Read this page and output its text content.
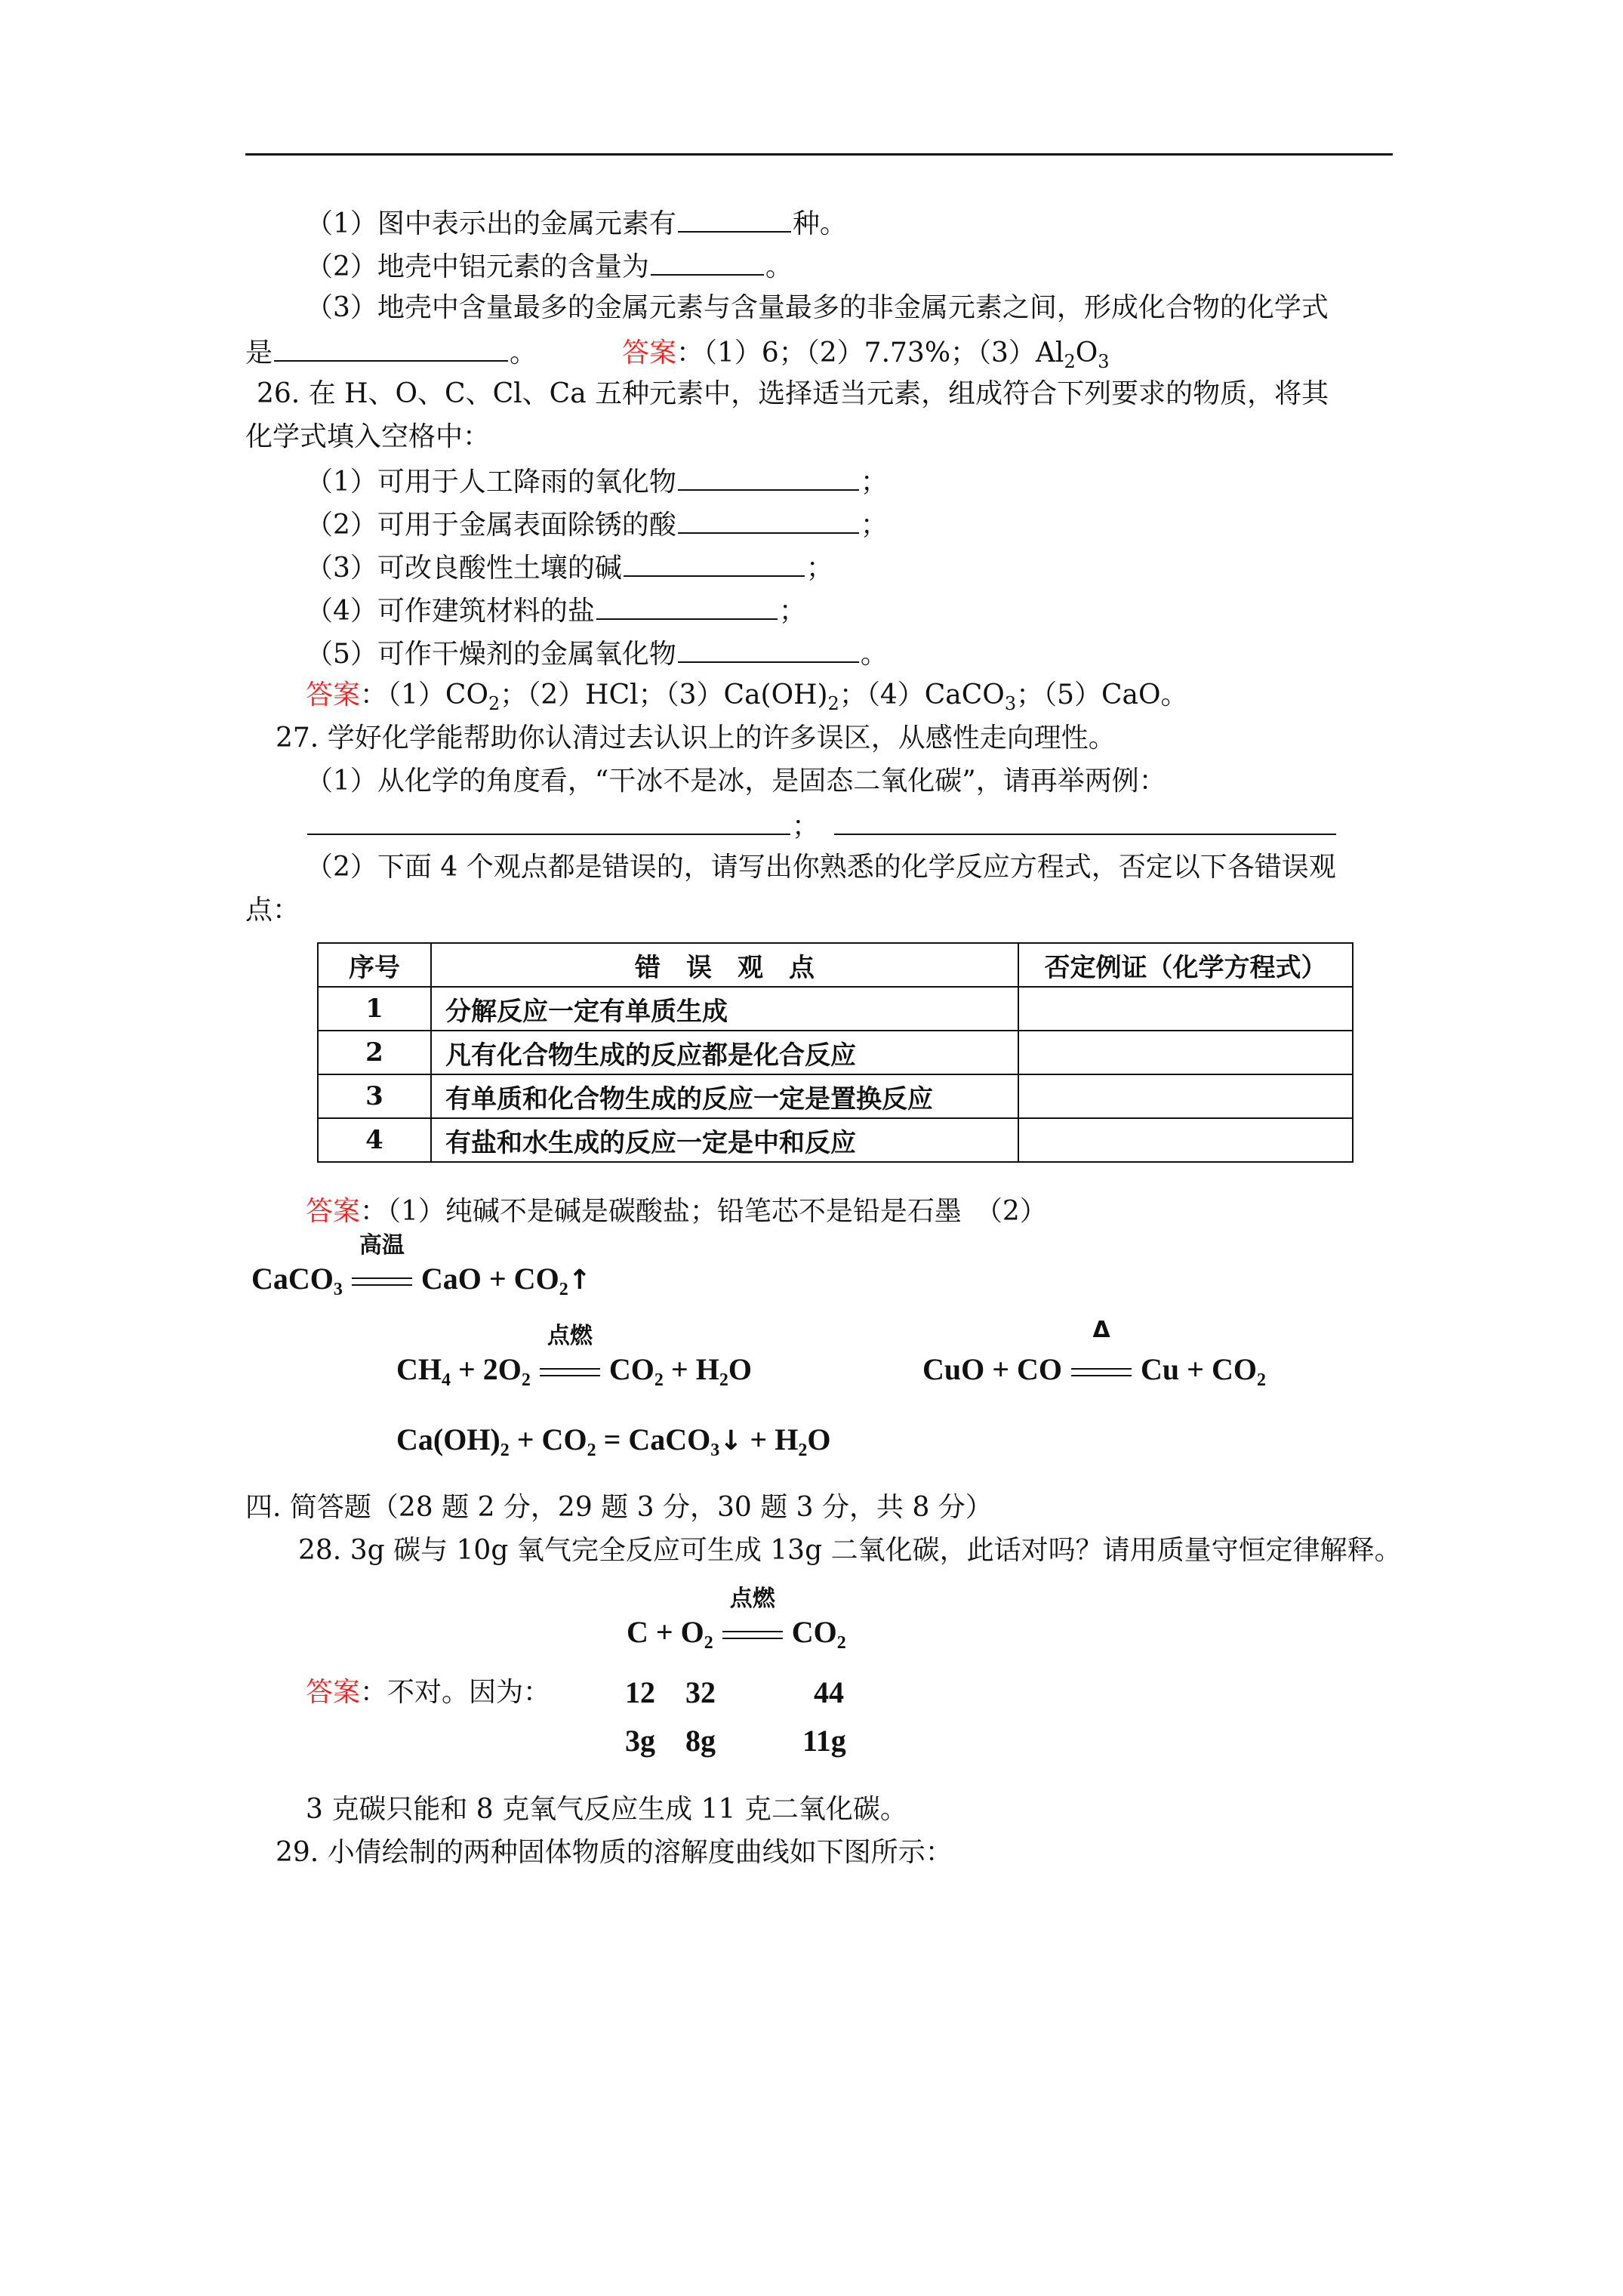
（1）图中表示出的金属元素有	种。
（2）地壳中铝元素的含量为	。
（3）地壳中含量最多的金属元素与含量最多的非金属元素之间，形成化合物的化学式
是	。	答案：（1）6；（2）7.73%；$(3)Al_2O_3$
26. 在 H、O、C、Cl、Ca 五种元素中，选择适当元素，组成符合下列要求的物质，将其
化学式填入空格中：
（1）可用于人工降雨的氧化物	；
（2）可用于金属表面除锈的酸	；
（3）可改良酸性土壤的碱	；
（4）可作建筑材料的盐	；
（5）可作干燥剂的金属氧化物	。
答案：$(1)CO_2$；（2）HCl；$(3)Ca(OH)_2$；（4）CaCO$_3$；（5）CaO。
27. 学好化学能帮助你认清过去认识上的许多误区，从感性走向理性。
（1）从化学的角度看，“干冰不是冰，是固态二氧化碳”，请再举两例：
；
（2）下面 4 个观点都是错误的，请写出你熟悉的化学反应方程式，否定以下各错误观
点：
序号	错　误　观　点	否定例证（化学方程式）
1	分解反应一定有单质生成	
2	凡有化合物生成的反应都是化合反应	
3	有单质和化合物生成的反应一定是置换反应	
4	有盐和水生成的反应一定是中和反应	
答案：（1）纯碱不是碱是碳酸盐；铅笔芯不是铅是石墨　（2）
CaCO$_3$
高温
CaO + $CO_2↑$
$CH_4 + 2O_2$
点燃
$CO_2 + H_2O$	CuO + CO
Δ
$Cu + CO_2$
$Ca(OH)_2 + CO_2$ = CaCO$_3$↓ + $H_2O$
四. 简答题（28 题 2 分，29 题 3 分，30 题 3 分，共 8 分）
28. 3g 碳与 10g 氧气完全反应可生成 13g 二氧化碳，此话对吗？请用质量守恒定律解释。
$C + O_2$
点燃
$CO_2$
答案：不对。因为： 12 32	44
3g 8g	11g
3 克碳只能和 8 克氧气反应生成 11 克二氧化碳。
29. 小倩绘制的两种固体物质的溶解度曲线如下图所示：
